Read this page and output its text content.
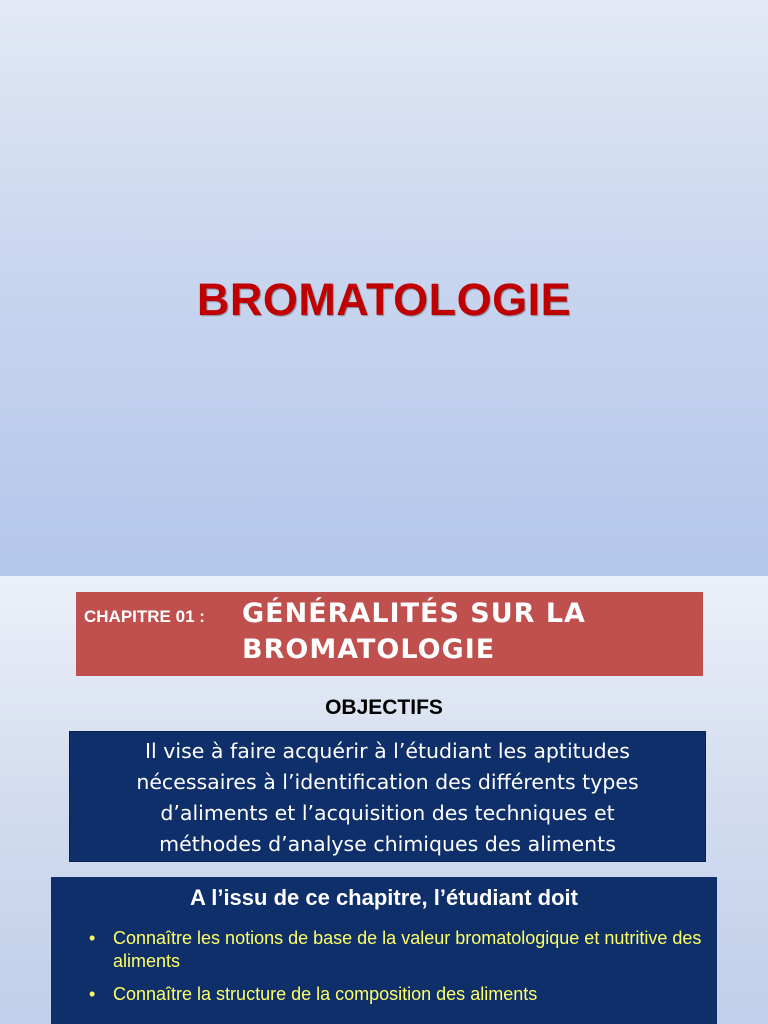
BROMATOLOGIE
CHAPITRE 01 : GÉNÉRALITÉS SUR LA
BROMATOLOGIE
OBJECTIFS
Il vise à faire acquérir à l’étudiant les aptitudes
nécessaires à l’identification des différents types
d’aliments et l’acquisition des techniques et
méthodes d’analyse chimiques des aliments
A l’issu de ce chapitre, l’étudiant doit
• Connaître les notions de base de la valeur bromatologique et nutritive des aliments
• Connaître la structure de la composition des aliments
